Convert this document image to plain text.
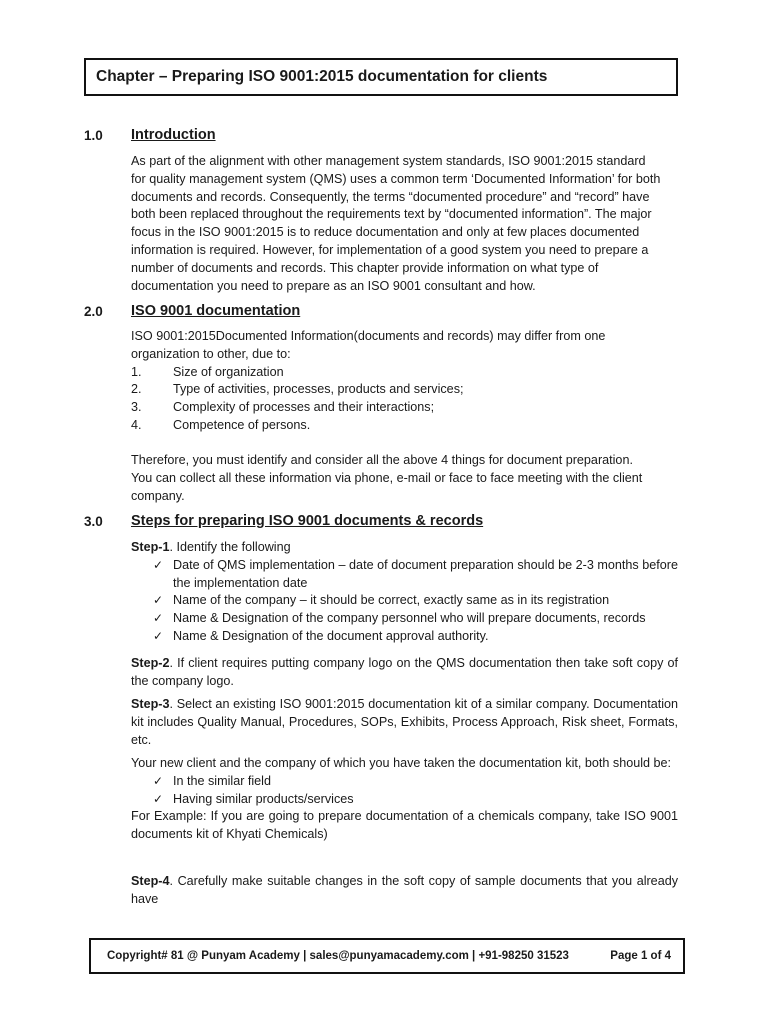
Chapter – Preparing ISO 9001:2015 documentation for clients
1.0 Introduction

As part of the alignment with other management system standards, ISO 9001:2015 standard

for quality management system (QMS) uses a common term ‘Documented Information’ for both

documents and records. Consequently, the terms “documented procedure” and “record” have

both been replaced throughout the requirements text by “documented information”. The major

focus in the ISO 9001:2015 is to reduce documentation and only at few places documented

information is required. However, for implementation of a good system you need to prepare a

number of documents and records. This chapter provide information on what type of

documentation you need to prepare as an ISO 9001 consultant and how.

2.0 ISO 9001 documentation

ISO 9001:2015Documented Information(documents and records) may differ from one

organization to other, due to:

1.	Size of organization
2.	Type of activities, processes, products and services;
3.	Complexity of processes and their interactions;
4.	Competence of persons.

Therefore, you must identify and consider all the above 4 things for document preparation.

You can collect all these information via phone, e-mail or face to face meeting with the client

company.

3.0 Steps for preparing ISO 9001 documents & records

Step-1. Identify the following

✓ Date of QMS implementation – date of document preparation should be 2-3 months before the implementation date
✓ Name of the company – it should be correct, exactly same as in its registration
✓ Name & Designation of the company personnel who will prepare documents, records
✓ Name & Designation of the document approval authority.

Step-2. If client requires putting company logo on the QMS documentation then take soft copy of the company logo.

Step-3. Select an existing ISO 9001:2015 documentation kit of a similar company. Documentation kit includes Quality Manual, Procedures, SOPs, Exhibits, Process Approach, Risk sheet, Formats, etc.

Your new client and the company of which you have taken the documentation kit, both should be:

✓ In the similar field
✓ Having similar products/services

For Example: If you are going to prepare documentation of a chemicals company, take ISO 9001 documents kit of Khyati Chemicals)

Step-4. Carefully make suitable changes in the soft copy of sample documents that you already have

Copyright# 81 @ Punyam Academy | sales@punyamacademy.com | +91-98250 31523	Page 1 of 4
